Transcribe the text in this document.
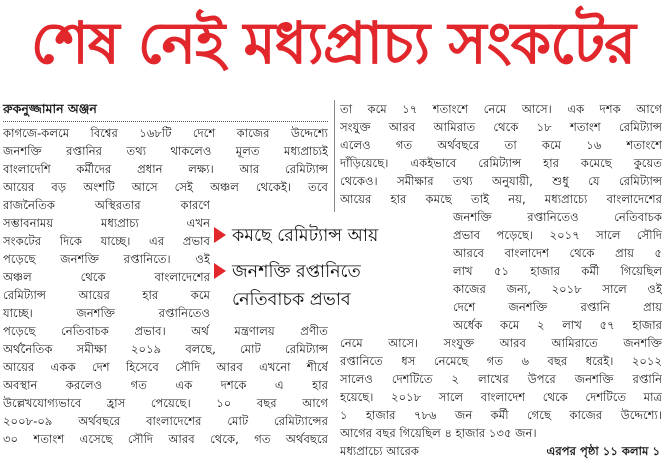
শেষ নেই মধ্যপ্রাচ্য সংকটের
রুকনুজ্জামান অঞ্জন
কাগজে-কলমে বিশ্বের ১৬৮টি দেশে কাজের উদ্দেশ্যে
জনশক্তি রপ্তানির তথ্য থাকলেও মূলত মধ্যপ্রাচ্যই
বাংলাদেশি কর্মীদের প্রধান লক্ষ্য। আর রেমিট্যান্স
আয়ের বড় অংশটি আসে সেই অঞ্চল থেকেই। তবে
রাজনৈতিক অস্থিরতার কারণে
সম্ভাবনাময় মধ্যপ্রাচ্য এখন
সংকটের দিকে যাচ্ছে। এর প্রভাব
পড়েছে জনশক্তি রপ্তানিতে। ওই
অঞ্চল থেকে বাংলাদেশের
রেমিট্যান্স আয়ের হার কমে
যাচ্ছে। জনশক্তি রপ্তানিতেও
পড়েছে নেতিবাচক প্রভাব। অর্থ মন্ত্রণালয় প্রণীত
অর্থনৈতিক সমীক্ষা ২০১৯ বলছে, মোট রেমিট্যান্স
আয়ের একক দেশ হিসেবে সৌদি আরব এখনো শীর্ষে
অবস্থান করলেও গত এক দশকে এ হার
উল্লেখযোগ্যভাবে হ্রাস পেয়েছে। ১০ বছর আগে
২০০৮-০৯ অর্থবছরে বাংলাদেশের মোট রেমিট্যান্সের
৩০ শতাংশ এসেছে সৌদি আরব থেকে, গত অর্থবছরে
তা কমে ১৭ শতাংশে নেমে আসে। এক দশক আগে
সংযুক্ত আরব আমিরাত থেকে ১৮ শতাংশ রেমিট্যান্স
এলেও গত অর্থবছরে তা কমে ১৬ শতাংশে
দাঁড়িয়েছে। একইভাবে রেমিট্যান্স হার কমেছে কুয়েত
থেকেও। সমীক্ষার তথ্য অনুযায়ী, শুধু যে রেমিট্যান্স
আয়ের হার কমছে তাই নয়, মধ্যপ্রাচ্যে বাংলাদেশের
জনশক্তি রপ্তানিতেও নেতিবাচক
প্রভাব পড়েছে। ২০১৭ সালে সৌদি
আরবে বাংলাদেশ থেকে প্রায় ৫
লাখ ৫১ হাজার কর্মী গিয়েছিল
কাজের জন্য, ২০১৮ সালে ওই
দেশে জনশক্তি রপ্তানি প্রায়
অর্ধেক কমে ২ লাখ ৫৭ হাজার
নেমে আসে। সংযুক্ত আরব আমিরাতে জনশক্তি
রপ্তানিতে ধস নেমেছে গত ৬ বছর ধরেই। ২০১২
সালেও দেশটিতে ২ লাখের উপরে জনশক্তি রপ্তানি
হয়েছে। ২০১৮ সালে বাংলাদেশ থেকে দেশটিতে মাত্র
১ হাজার ৭৮৬ জন কর্মী গেছে কাজের উদ্দেশ্যে।
আগের বছর গিয়েছিল ৪ হাজার ১৩৫ জন।
মধ্যপ্রাচ্যে আরেক
কমছে রেমিট্যান্স আয়
জনশক্তি রপ্তানিতে
নেতিবাচক প্রভাব
এরপর পৃষ্ঠা ১১ কলাম ১
